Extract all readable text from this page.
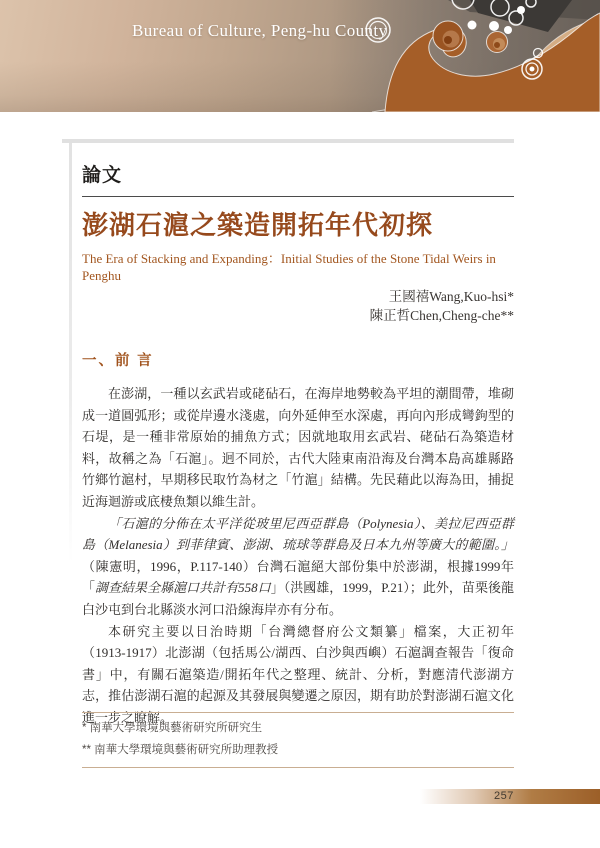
Bureau of Culture, Peng-hu County
論文
澎湖石滬之築造開拓年代初探
The Era of Stacking and Expanding：Initial Studies of the Stone Tidal Weirs in Penghu
王國禧Wang,Kuo-hsi*
陳正哲Chen,Cheng-che**
一、前 言

在澎湖，一種以玄武岩或硓砧石，在海岸地勢較為平坦的潮間帶，堆砌成一道圓弧形；或從岸邊水淺處，向外延伸至水深處，再向內形成彎鉤型的石堤，是一種非常原始的捕魚方式；因就地取用玄武岩、硓砧石為築造材料，故稱之為「石滬」。迥不同於，古代大陸東南沿海及台灣本島高雄縣路竹鄉竹滬村，早期移民取竹為材之「竹滬」結構。先民藉此以海為田，捕捉近海迴游或底棲魚類以維生計。

「石滬的分佈在太平洋從玻里尼西亞群島（Polynesia）、美拉尼西亞群島（Melanesia）到菲律賓、澎湖、琉球等群島及日本九州等廣大的範圍。」（陳憲明，1996，P.117-140）台灣石滬絕大部份集中於澎湖，根據1999年「調查結果全縣滬口共計有558口」（洪國雄，1999，P.21）；此外，苗栗後龍白沙屯到台北縣淡水河口沿線海岸亦有分布。

本研究主要以日治時期「台灣總督府公文類纂」檔案，大正初年（1913-1917）北澎湖（包括馬公/湖西、白沙與西嶼）石滬調查報告「復命書」中，有關石滬築造/開拓年代之整理、統計、分析，對應清代澎湖方志，推估澎湖石滬的起源及其發展與變遷之原因，期有助於對澎湖石滬文化進一步之瞭解。

* 南華大學環境與藝術研究所研究生
** 南華大學環境與藝術研究所助理教授
257
